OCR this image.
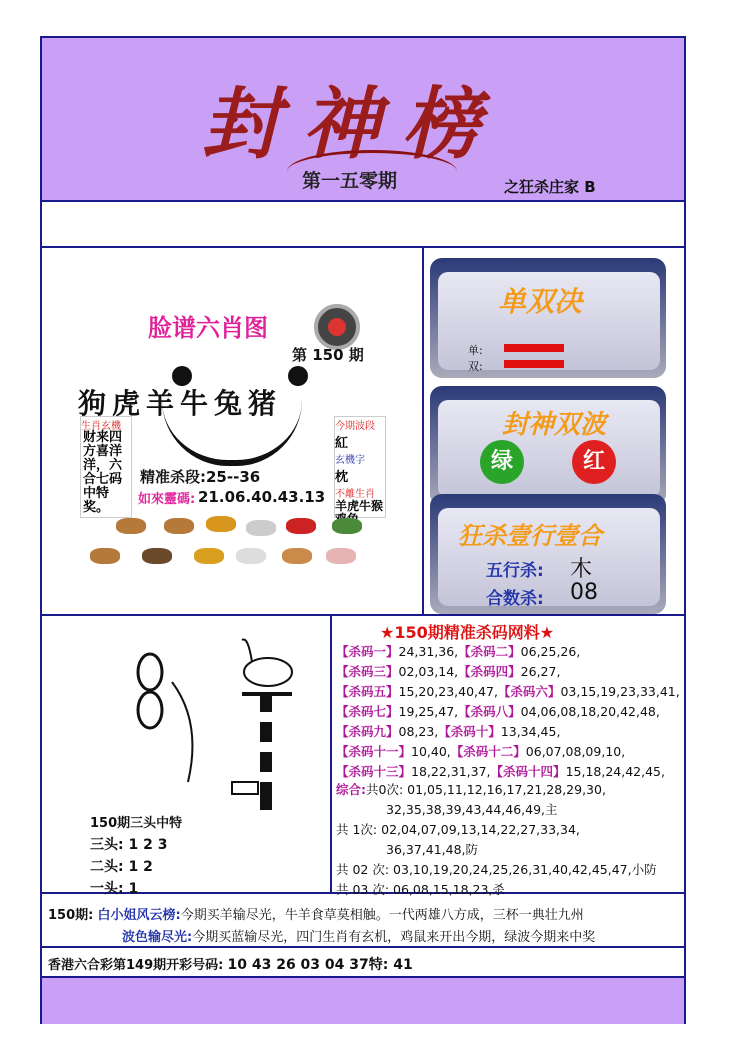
封神榜
第一五零期	之狂杀庄家 B
脸谱六肖图
第 150 期
狗虎羊牛兔猪
生肖玄機
财来四方喜洋洋，六合七码中特奖。
今期波段
紅
玄機字
枕
不離生肖
羊虎牛猴
精准杀段:25--36
如來靈碼: 21.06.40.43.13
单双决
单:
双:
封神双波
绿	红
狂杀壹行壹合
五行杀: 木
合数杀: 08
150期三头中特
三头: 1 2 3
二头: 1 2
一头: 1
★150期精准杀码网料★
【杀码一】24,31,36,【杀码二】06,25,26,
【杀码三】02,03,14,【杀码四】26,27,
【杀码五】15,20,23,40,47,【杀码六】03,15,19,23,33,41,
【杀码七】19,25,47,【杀码八】04,06,08,18,20,42,48,
【杀码九】08,23,【杀码十】13,34,45,
【杀码十一】10,40,【杀码十二】06,07,08,09,10,
【杀码十三】18,22,31,37,【杀码十四】15,18,24,42,45,
综合:共0次: 01,05,11,12,16,17,21,28,29,30,
32,35,38,39,43,44,46,49,主
共 1次: 02,04,07,09,13,14,22,27,33,34,
36,37,41,48,防
共 02 次: 03,10,19,20,24,25,26,31,40,42,45,47,小防
共 03 次: 06,08,15,18,23,杀
150期: 白小姐风云榜:今期买羊输尽光，牛羊食草莫相触。一代两雄八方成，三杯一典壮九州
波色输尽光:今期买蓝输尽光，四门生肖有玄机，鸡鼠来开出今期，绿波今期来中奖
香港六合彩第149期开彩号码: 10 43 26 03 04 37特: 41
